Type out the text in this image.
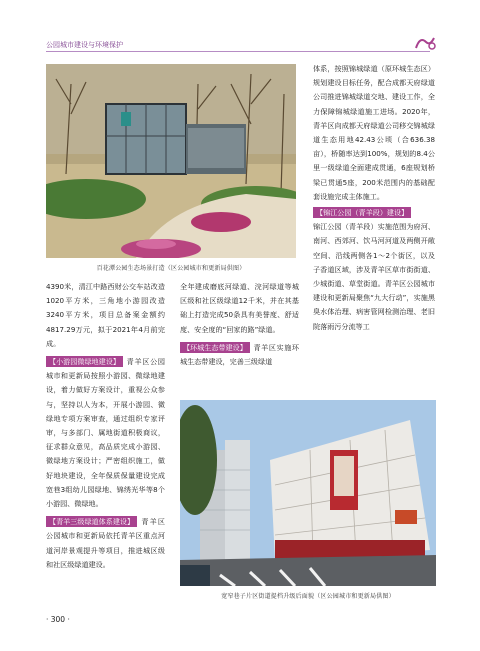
公园城市建设与环境保护
百花潭公园生态场景打造（区公园城市和更新局供图）

体系，按照锦城绿道（原环城生态区）规划建设目标任务，配合成都天府绿道公司推进锦城绿道交地、建设工作，全力保障锦城绿道施工进场。2020年，青羊区向成都天府绿道公司移交锦城绿道生态用地42.43公顷（合636.38亩），桥随率达到100%，规划的8.4公里一级绿道全面建成贯通，6座规划桥梁已贯通5座，200米范围内的基础配套设施完成主体施工。

【锦江公园（青羊段）建设】

锦江公园（青羊段）实施范围为府河、南河、西郊河、饮马河河道及两侧开敞空间、沿线两侧各1～2个街区，以及子香道区域，涉及青羊区草市街街道、少城街道、草堂街道。青羊区公园城市建设和更新局聚焦“九大行动”，实施黑臭水体治理、病害管网检测治理、老旧院落雨污分流等工

4390米，清江中路西财公交车站改造1020平方米，三角地小游园改造3240平方米，项目总备案金额约4817.29万元，拟于2021年4月前完成。

【小游园微绿地建设】 青羊区公园城市和更新局按照小游园、微绿地建设，着力做好方案设计，重视公众参与，坚持以人为本，开展小游园、微绿地专项方案审查，通过组织专家评审，与多部门、属地街道积极商议，征求群众意见，高品质完成小游园、微绿地方案设计；严密组织施工，做好地块建设，全年保质保量建设完成宽巷3组幼儿园绿地、锦绣光华等8个小游园、微绿地。

【青羊三级绿道体系建设】 青羊区公园城市和更新局依托青羊区重点河道河岸景观提升等项目，推进城区级和社区级绿道建设。

全年建成磨底河绿道、浣河绿道等城区级和社区级绿道12千米，并在其基础上打造完成50条具有美誉度、舒适度、安全度的“回家的路”绿道。

【环城生态带建设】 青羊区实施环城生态带建设，完善三级绿道

宽窄巷子片区街道提档升级后面貌（区公园城市和更新局供图）
· 300 ·
